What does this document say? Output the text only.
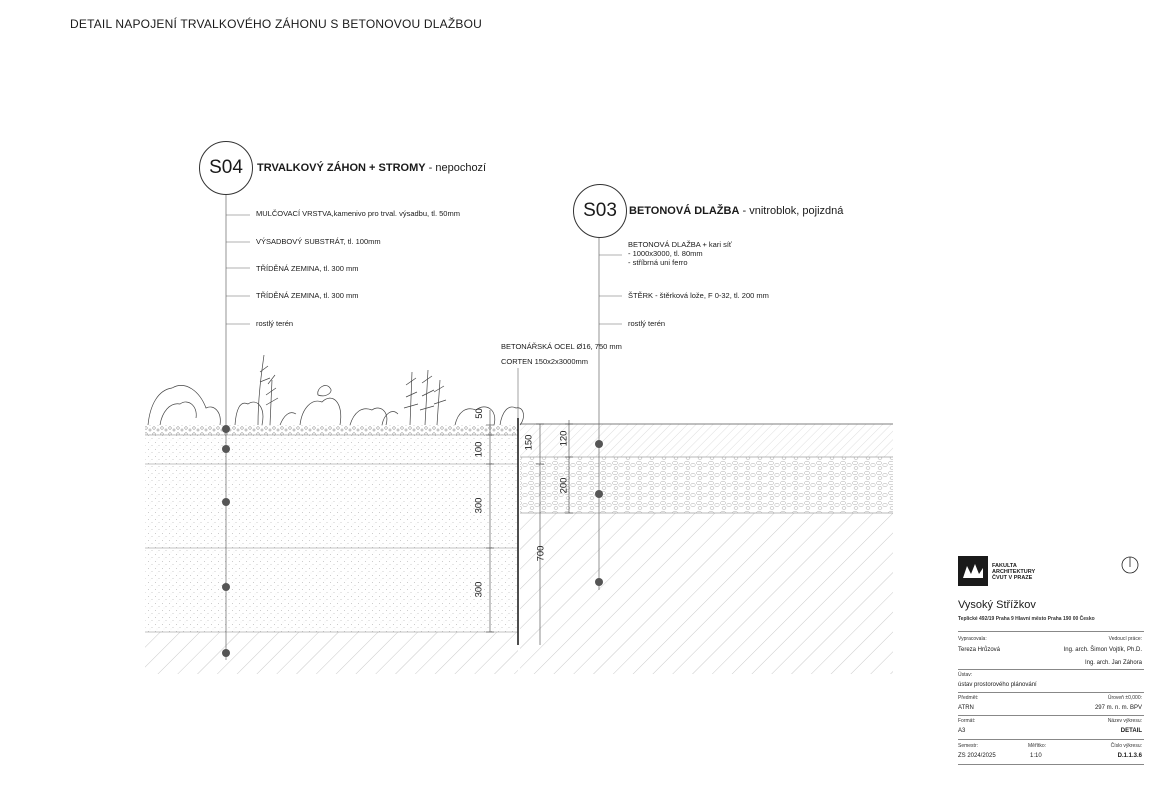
DETAIL NAPOJENÍ TRVALKOVÉHO ZÁHONU S BETONOVOU DLAŽBOU
S04 TRVALKOVÝ ZÁHON + STROMY - nepochozí
MULČOVACÍ VRSTVA,kamenivo pro trval. výsadbu, tl. 50mm
VÝSADBOVÝ SUBSTRÁT, tl. 100mm
TŘÍDĚNÁ ZEMINA, tl. 300 mm
TŘÍDĚNÁ ZEMINA, tl. 300 mm
rostlý terén
S03 BETONOVÁ DLAŽBA - vnitroblok, pojizdná
BETONOVÁ DLAŽBA + kari síť
- 1000x3000, tl. 80mm
- stříbrná uni ferro
ŠTĚRK - štěrková lože, F 0-32, tl. 200 mm
rostlý terén
BETONÁŘSKÁ OCEL Ø16, 750 mm
CORTEN 150x2x3000mm
50
100
300
300
150
700
120
200
FAKULTA
ARCHITEKTURY
ČVUT V PRAZE
Vysoký Střížkov
Teplické 492/19 Praha 9 Hlavní město Praha 190 00 Česko
Vypracovala:	Vedoucí práce:
Tereza Hrůzová	Ing. arch. Šimon Vojtík, Ph.D.
Ing. arch. Jan Záhora
Ústav:
ústav prostorového plánování
Předmět:	Úroveň ±0,000:
ATRN	297 m. n. m. BPV
Formát:	Název výkresu:
A3	DETAIL
Semestr:	Měřítko:	Číslo výkresu:
ZS 2024/2025	1:10	D.1.1.3.6
